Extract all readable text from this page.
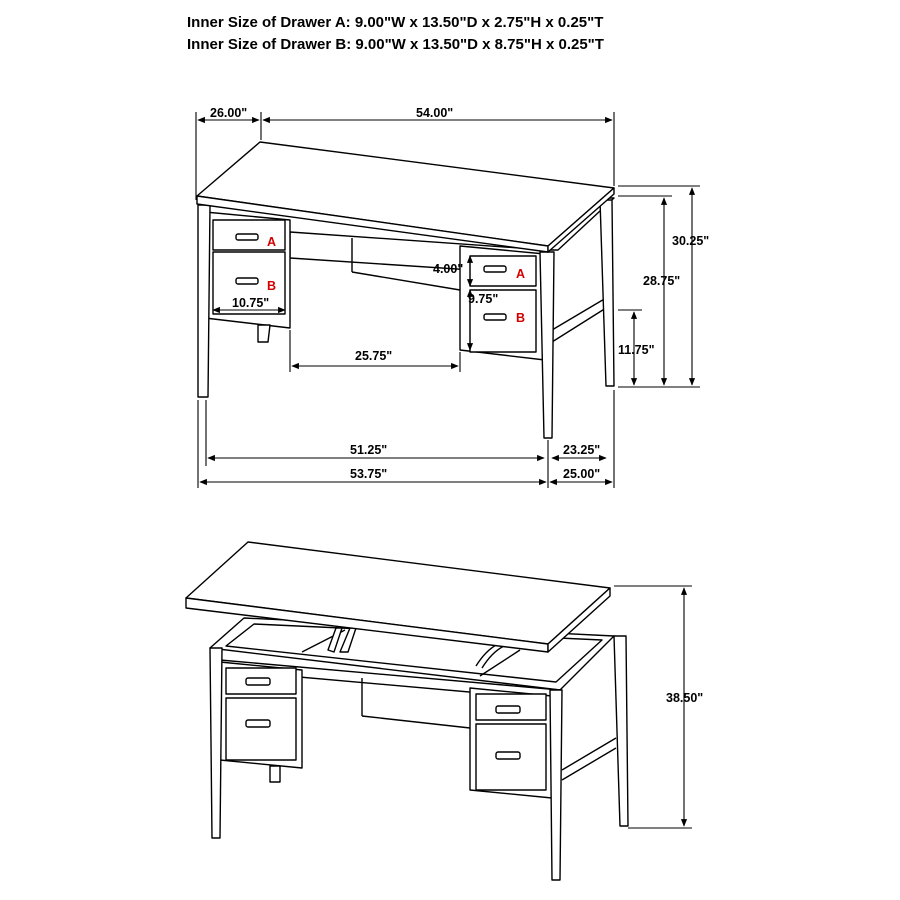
Inner Size of Drawer A: 9.00"W x 13.50"D x 2.75"H x 0.25"T
Inner Size of Drawer B: 9.00"W x 13.50"D x 8.75"H x 0.25"T
26.00"	54.00"
30.25"
28.75"
11.75"
4.00"
9.75"
10.75"
25.75"
51.25"
53.75"
23.25"
25.00"
A
B
A
B
38.50"
